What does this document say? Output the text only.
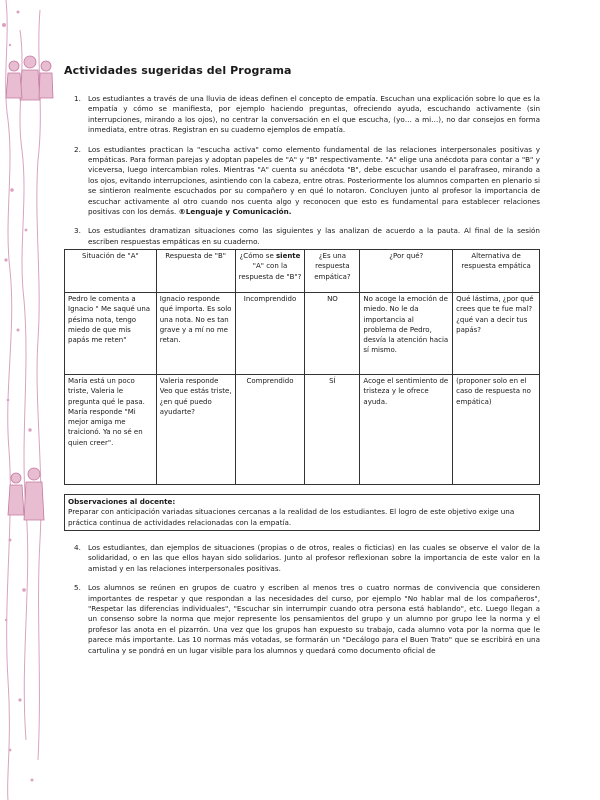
Actividades sugeridas del Programa
1. Los estudiantes a través de una lluvia de ideas definen el concepto de empatía. Escuchan una explicación sobre lo que es la empatía y cómo se manifiesta, por ejemplo haciendo preguntas, ofreciendo ayuda, escuchando activamente (sin interrupciones, mirando a los ojos), no centrar la conversación en el que escucha, (yo… a mi…), no dar consejos en forma inmediata, entre otras. Registran en su cuaderno ejemplos de empatía.
2. Los estudiantes practican la "escucha activa" como elemento fundamental de las relaciones interpersonales positivas y empáticas. Para forman parejas y adoptan papeles de "A" y "B" respectivamente. "A" elige una anécdota para contar a "B" y viceversa, luego intercambian roles. Mientras "A" cuenta su anécdota "B", debe escuchar usando el parafraseo, mirando a los ojos, evitando interrupciones, asintiendo con la cabeza, entre otras. Posteriormente los alumnos comparten en plenario si se sintieron realmente escuchados por su compañero y en qué lo notaron. Concluyen junto al profesor la importancia de escuchar activamente al otro cuando nos cuenta algo y reconocen que esto es fundamental para establecer relaciones positivas con los demás. ®Lenguaje y Comunicación.
3. Los estudiantes dramatizan situaciones como las siguientes y las analizan de acuerdo a la pauta. Al final de la sesión escriben respuestas empáticas en su cuaderno.
Situación de "A"	Respuesta de "B"	¿Cómo se siente "A" con la respuesta de "B"?	¿Es una respuesta empática?	¿Por qué?	Alternativa de respuesta empática
Pedro le comenta a Ignacio " Me saqué una pésima nota, tengo miedo de que mis papás me reten"	Ignacio responde qué importa. Es solo una nota. No es tan grave y a mí no me retan.	Incomprendido	NO	No acoge la emoción de miedo. No le da importancia al problema de Pedro, desvía la atención hacia sí mismo.	Qué lástima, ¿por qué crees que te fue mal? ¿qué van a decir tus papás?
María está un poco triste, Valeria le pregunta qué le pasa. María responde "Mi mejor amiga me traicionó. Ya no sé en quien creer".	Valeria responde Veo que estás triste, ¿en qué puedo ayudarte?	Comprendido	SÍ	Acoge el sentimiento de tristeza y le ofrece ayuda.	(proponer solo en el caso de respuesta no empática)
Observaciones al docente:
Preparar con anticipación variadas situaciones cercanas a la realidad de los estudiantes. El logro de este objetivo exige una práctica continua de actividades relacionadas con la empatía.
4. Los estudiantes, dan ejemplos de situaciones (propias o de otros, reales o ficticias) en las cuales se observe el valor de la solidaridad, o en las que ellos hayan sido solidarios. Junto al profesor reflexionan sobre la importancia de este valor en la amistad y en las relaciones interpersonales positivas.
5. Los alumnos se reúnen en grupos de cuatro y escriben al menos tres o cuatro normas de convivencia que consideren importantes de respetar y que respondan a las necesidades del curso, por ejemplo "No hablar mal de los compañeros", "Respetar las diferencias individuales", "Escuchar sin interrumpir cuando otra persona está hablando", etc. Luego llegan a un consenso sobre la norma que mejor represente los pensamientos del grupo y un alumno por grupo lee la norma y el profesor las anota en el pizarrón. Una vez que los grupos han expuesto su trabajo, cada alumno vota por la norma que le parece más importante. Las 10 normas más votadas, se formarán un "Decálogo para el Buen Trato" que se escribirá en una cartulina y se pondrá en un lugar visible para los alumnos y quedará como documento oficial de
